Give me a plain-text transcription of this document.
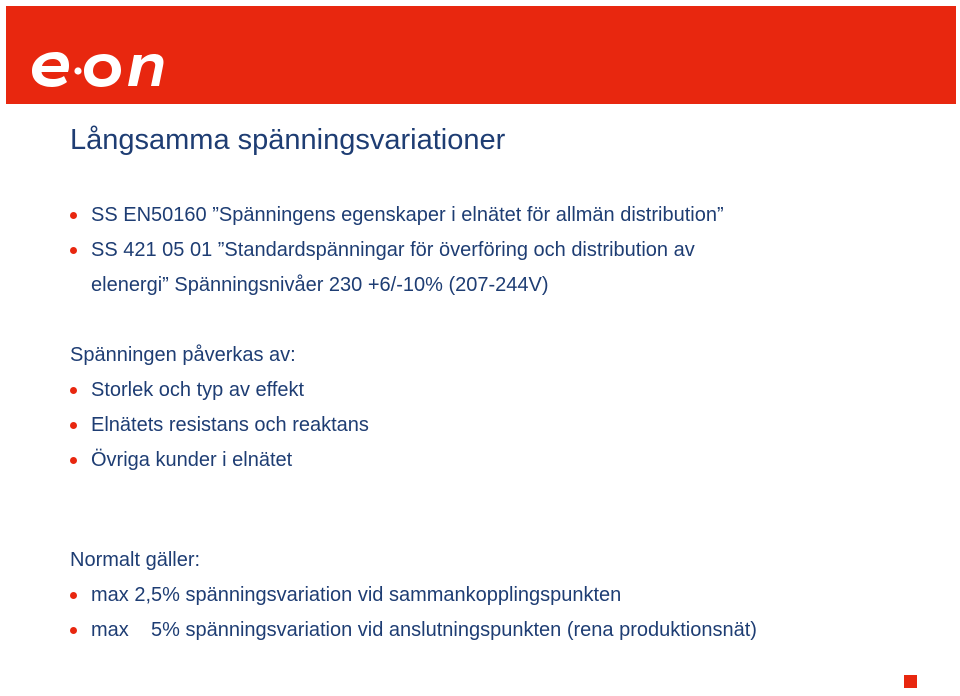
Långsamma spänningsvariationer
SS EN50160 ”Spänningens egenskaper i elnätet för allmän distribution”
SS 421 05 01 ”Standardspänningar för överföring och distribution av
elenergi” Spänningsnivåer 230 +6/-10% (207-244V)

Spänningen påverkas av:

Storlek och typ av effekt
Elnätets resistans och reaktans
Övriga kunder i elnätet

Normalt gäller:

max 2,5% spänningsvariation vid sammankopplingspunkten
max    5% spänningsvariation vid anslutningspunkten (rena produktionsnät)
